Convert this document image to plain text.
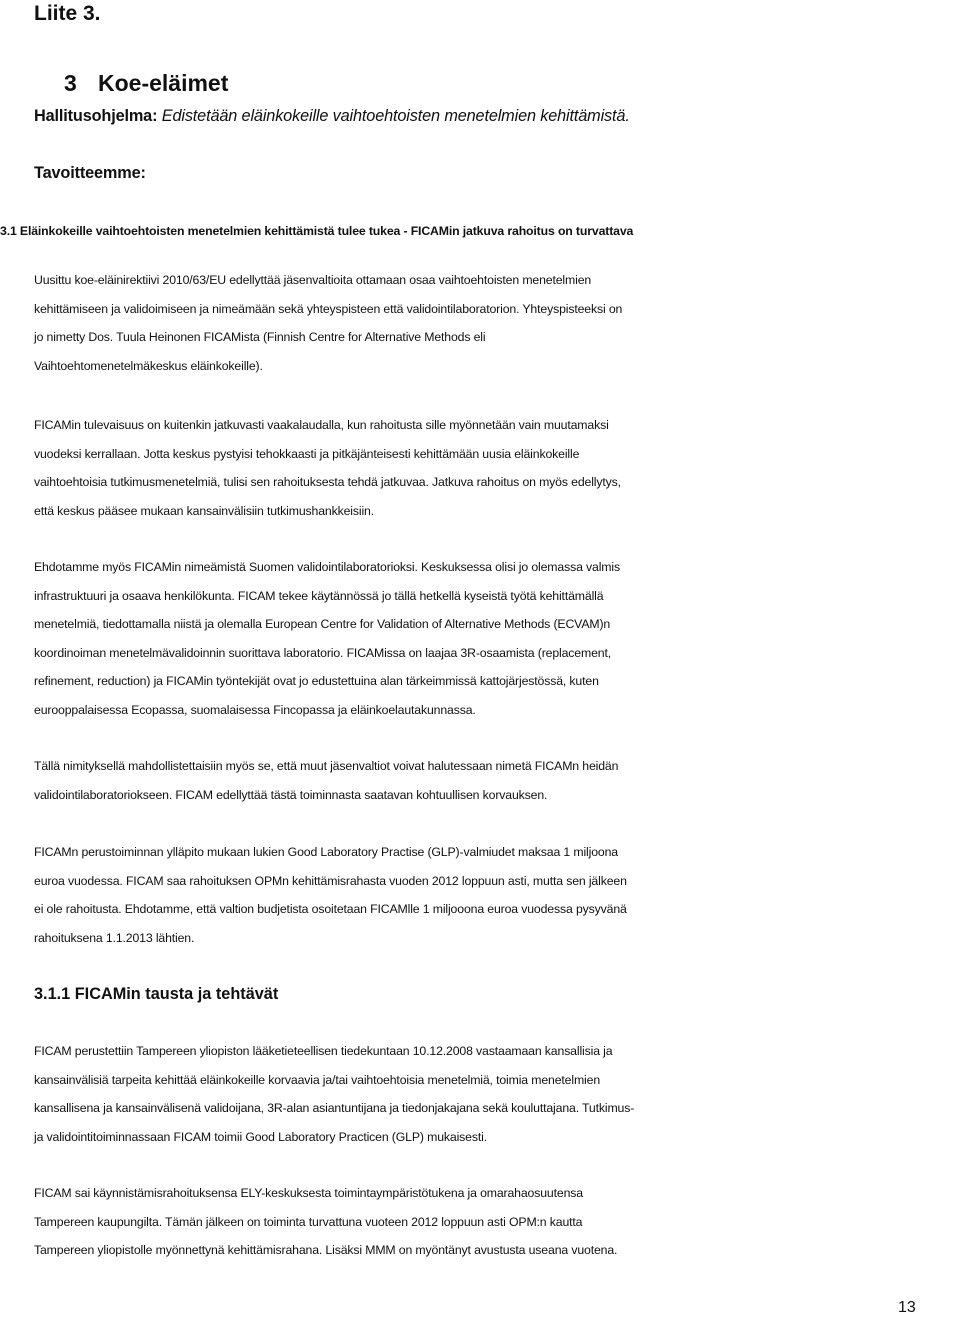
Liite 3.

3 Koe-eläimet

Hallitusohjelma: Edistetään eläinkokeille vaihtoehtoisten menetelmien kehittämistä.

Tavoitteemme:

3.1 Eläinkokeille vaihtoehtoisten menetelmien kehittämistä tulee tukea - FICAMin jatkuva rahoitus on turvattava

Uusittu koe-eläinirektiivi 2010/63/EU edellyttää jäsenvaltioita ottamaan osaa vaihtoehtoisten menetelmien
kehittämiseen ja validoimiseen ja nimeämään sekä yhteyspisteen että validointilaboratorion. Yhteyspisteeksi on
jo nimetty Dos. Tuula Heinonen FICAMista (Finnish Centre for Alternative Methods eli
Vaihtoehtomenetelmäkeskus eläinkokeille).

FICAMin tulevaisuus on kuitenkin jatkuvasti vaakalaudalla, kun rahoitusta sille myönnetään vain muutamaksi
vuodeksi kerrallaan. Jotta keskus pystyisi tehokkaasti ja pitkäjänteisesti kehittämään uusia eläinkokeille
vaihtoehtoisia tutkimusmenetelmiä, tulisi sen rahoituksesta tehdä jatkuvaa. Jatkuva rahoitus on myös edellytys,
että keskus pääsee mukaan kansainvälisiin tutkimushankkeisiin.

Ehdotamme myös FICAMin nimeämistä Suomen validointilaboratorioksi. Keskuksessa olisi jo olemassa valmis
infrastruktuuri ja osaava henkilökunta. FICAM tekee käytännössä jo tällä hetkellä kyseistä työtä kehittämällä
menetelmiä, tiedottamalla niistä ja olemalla European Centre for Validation of Alternative Methods (ECVAM)n
koordinoiman menetelmävalidoinnin suorittava laboratorio. FICAMissa on laajaa 3R-osaamista (replacement,
refinement, reduction) ja FICAMin työntekijät ovat jo edustettuina alan tärkeimmissä kattojärjestössä, kuten
eurooppalaisessa Ecopassa, suomalaisessa Fincopassa ja eläinkoelautakunnassa.

Tällä nimityksellä mahdollistettaisiin myös se, että muut jäsenvaltiot voivat halutessaan nimetä FICAMn heidän
validointilaboratoriokseen. FICAM edellyttää tästä toiminnasta saatavan kohtuullisen korvauksen.

FICAMn perustoiminnan ylläpito mukaan lukien Good Laboratory Practise (GLP)-valmiudet maksaa 1 miljoona
euroa vuodessa. FICAM saa rahoituksen OPMn kehittämisrahasta vuoden 2012 loppuun asti, mutta sen jälkeen
ei ole rahoitusta. Ehdotamme, että valtion budjetista osoitetaan FICAMlle 1 miljooona euroa vuodessa pysyvänä
rahoituksena 1.1.2013 lähtien.

3.1.1 FICAMin tausta ja tehtävät

FICAM perustettiin Tampereen yliopiston lääketieteellisen tiedekuntaan 10.12.2008 vastaamaan kansallisia ja
kansainvälisiä tarpeita kehittää eläinkokeille korvaavia ja/tai vaihtoehtoisia menetelmiä, toimia menetelmien
kansallisena ja kansainvälisenä validoijana, 3R-alan asiantuntijana ja tiedonjakajana sekä kouluttajana. Tutkimus-
ja validointitoiminnassaan FICAM toimii Good Laboratory Practicen (GLP) mukaisesti.

FICAM sai käynnistämisrahoituksensa ELY-keskuksesta toimintaympäristötukena ja omarahaosuutensa
Tampereen kaupungilta. Tämän jälkeen on toiminta turvattuna vuoteen 2012 loppuun asti OPM:n kautta
Tampereen yliopistolle myönnettynä kehittämisrahana. Lisäksi MMM on myöntänyt avustusta useana vuotena.

13
